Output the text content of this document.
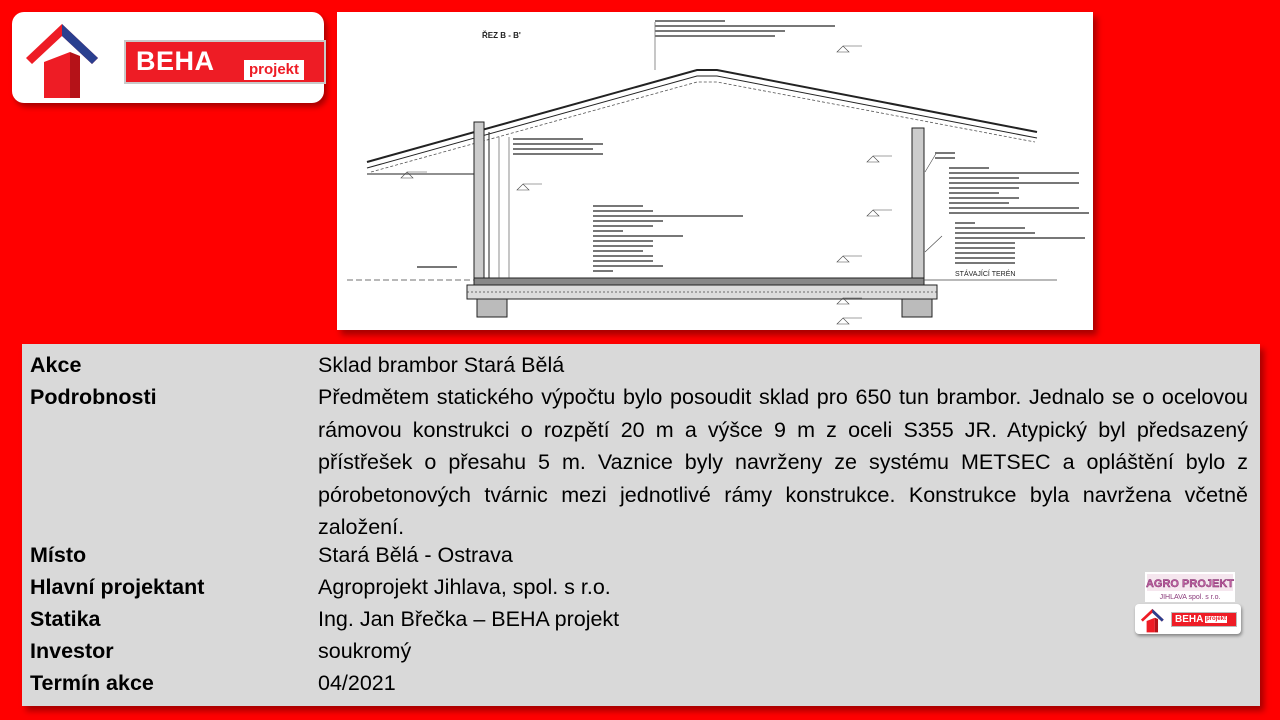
BEHA	projekt
ŘEZ B - B'
STÁVAJÍCÍ TERÉN
Akce	Sklad brambor Stará Bělá
Podrobnosti	Předmětem statického výpočtu bylo posoudit sklad pro 650 tun brambor. Jednalo se o ocelovou rámovou konstrukci o rozpětí 20 m a výšce 9 m z oceli S355 JR. Atypický byl předsazený přístřešek o přesahu 5 m. Vaznice byly navrženy ze systému METSEC a opláštění bylo z pórobetonových tvárnic mezi jednotlivé rámy konstrukce. Konstrukce byla navržena včetně založení.
Místo	Stará Bělá - Ostrava
Hlavní projektant	Agroprojekt Jihlava, spol. s r.o.
Statika	Ing. Jan Břečka – BEHA projekt
Investor	soukromý
Termín akce	04/2021
AGRO PROJEKT
JIHLAVA spol. s r.o.
BEHA projekt
